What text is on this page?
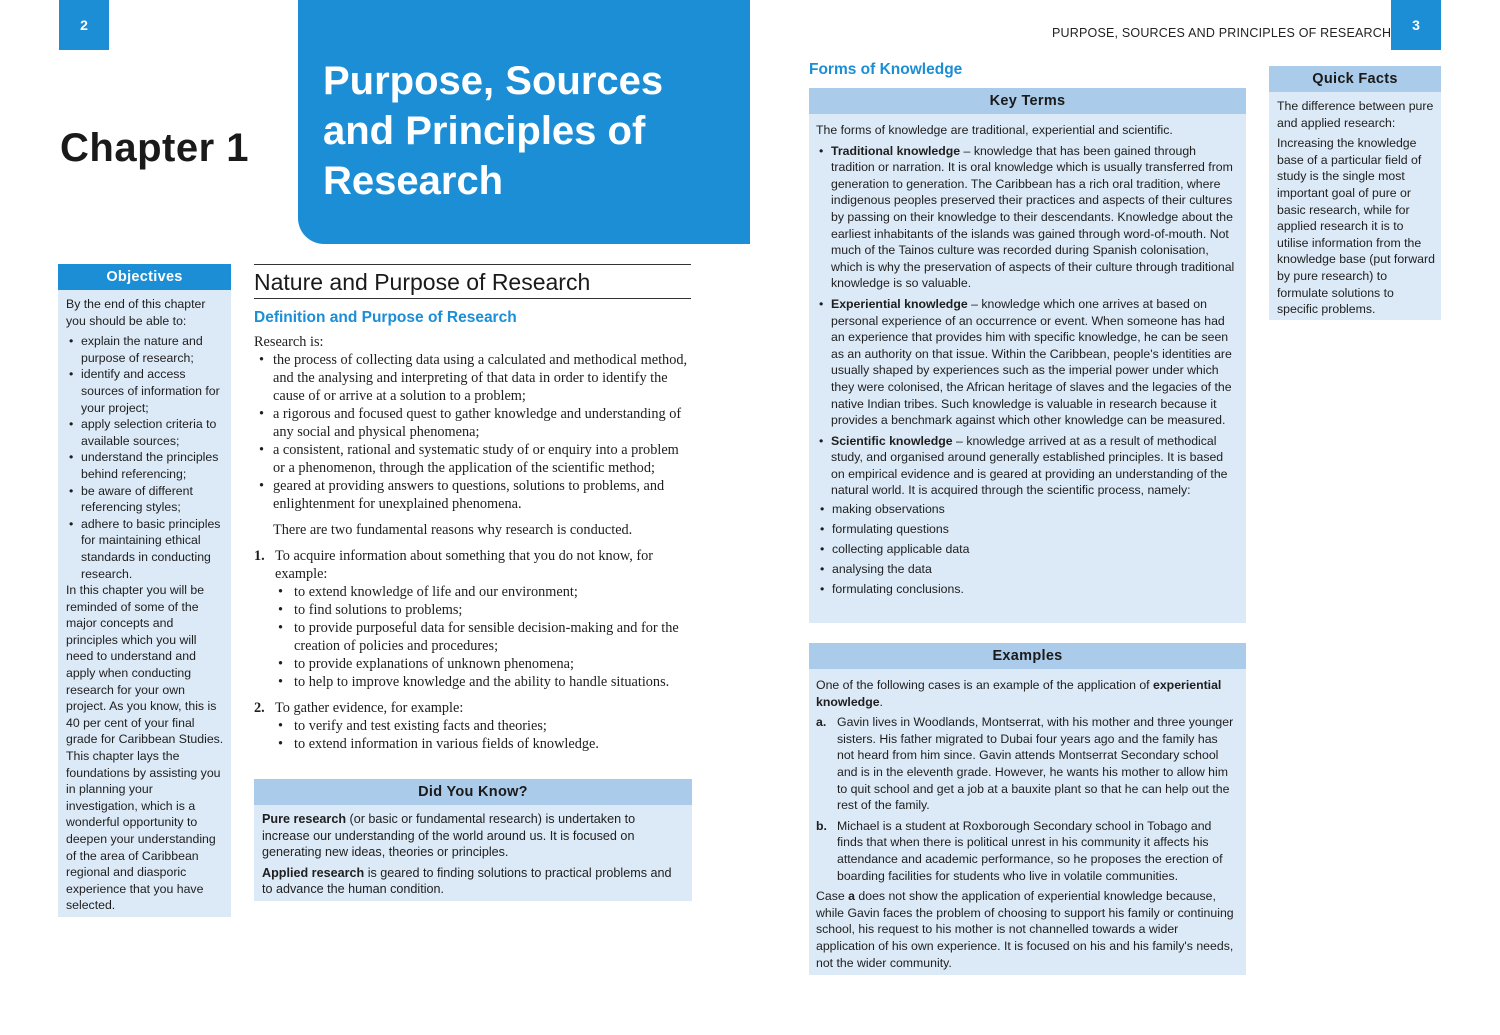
2
Chapter 1
Purpose, Sources
and Principles of
Research
Objectives
By the end of this chapter you should be able to:
• explain the nature and purpose of research;
• identify and access sources of information for your project;
• apply selection criteria to available sources;
• understand the principles behind referencing;
• be aware of different referencing styles;
• adhere to basic principles for maintaining ethical standards in conducting research.
In this chapter you will be reminded of some of the major concepts and principles which you will need to understand and apply when conducting research for your own project. As you know, this is 40 per cent of your final grade for Caribbean Studies. This chapter lays the foundations by assisting you in planning your investigation, which is a wonderful opportunity to deepen your understanding of the area of Caribbean regional and diasporic experience that you have selected.
Nature and Purpose of Research
Definition and Purpose of Research
Research is:
• the process of collecting data using a calculated and methodical method, and the analysing and interpreting of that data in order to identify the cause of or arrive at a solution to a problem;
• a rigorous and focused quest to gather knowledge and understanding of any social and physical phenomena;
• a consistent, rational and systematic study of or enquiry into a problem or a phenomenon, through the application of the scientific method;
• geared at providing answers to questions, solutions to problems, and enlightenment for unexplained phenomena.
There are two fundamental reasons why research is conducted.
1. To acquire information about something that you do not know, for example:
• to extend knowledge of life and our environment;
• to find solutions to problems;
• to provide purposeful data for sensible decision-making and for the creation of policies and procedures;
• to provide explanations of unknown phenomena;
• to help to improve knowledge and the ability to handle situations.
2. To gather evidence, for example:
• to verify and test existing facts and theories;
• to extend information in various fields of knowledge.
Did You Know?
Pure research (or basic or fundamental research) is undertaken to increase our understanding of the world around us. It is focused on generating new ideas, theories or principles.
Applied research is geared to finding solutions to practical problems and to advance the human condition.
PURPOSE, SOURCES AND PRINCIPLES OF RESEARCH	3
Forms of Knowledge
Key Terms
The forms of knowledge are traditional, experiential and scientific.
• Traditional knowledge – knowledge that has been gained through tradition or narration. It is oral knowledge which is usually transferred from generation to generation. The Caribbean has a rich oral tradition, where indigenous peoples preserved their practices and aspects of their cultures by passing on their knowledge to their descendants. Knowledge about the earliest inhabitants of the islands was gained through word-of-mouth. Not much of the Tainos culture was recorded during Spanish colonisation, which is why the preservation of aspects of their culture through traditional knowledge is so valuable.
• Experiential knowledge – knowledge which one arrives at based on personal experience of an occurrence or event. When someone has had an experience that provides him with specific knowledge, he can be seen as an authority on that issue. Within the Caribbean, people's identities are usually shaped by experiences such as the imperial power under which they were colonised, the African heritage of slaves and the legacies of the native Indian tribes. Such knowledge is valuable in research because it provides a benchmark against which other knowledge can be measured.
• Scientific knowledge – knowledge arrived at as a result of methodical study, and organised around generally established principles. It is based on empirical evidence and is geared at providing an understanding of the natural world. It is acquired through the scientific process, namely:
• making observations
• formulating questions
• collecting applicable data
• analysing the data
• formulating conclusions.
Examples
One of the following cases is an example of the application of experiential knowledge.
a. Gavin lives in Woodlands, Montserrat, with his mother and three younger sisters. His father migrated to Dubai four years ago and the family has not heard from him since. Gavin attends Montserrat Secondary school and is in the eleventh grade. However, he wants his mother to allow him to quit school and get a job at a bauxite plant so that he can help out the rest of the family.
b. Michael is a student at Roxborough Secondary school in Tobago and finds that when there is political unrest in his community it affects his attendance and academic performance, so he proposes the erection of boarding facilities for students who live in volatile communities.
Case a does not show the application of experiential knowledge because, while Gavin faces the problem of choosing to support his family or continuing school, his request to his mother is not channelled towards a wider application of his own experience. It is focused on his and his family's needs, not the wider community.
Quick Facts
The difference between pure and applied research:
Increasing the knowledge base of a particular field of study is the single most important goal of pure or basic research, while for applied research it is to utilise information from the knowledge base (put forward by pure research) to formulate solutions to specific problems.
